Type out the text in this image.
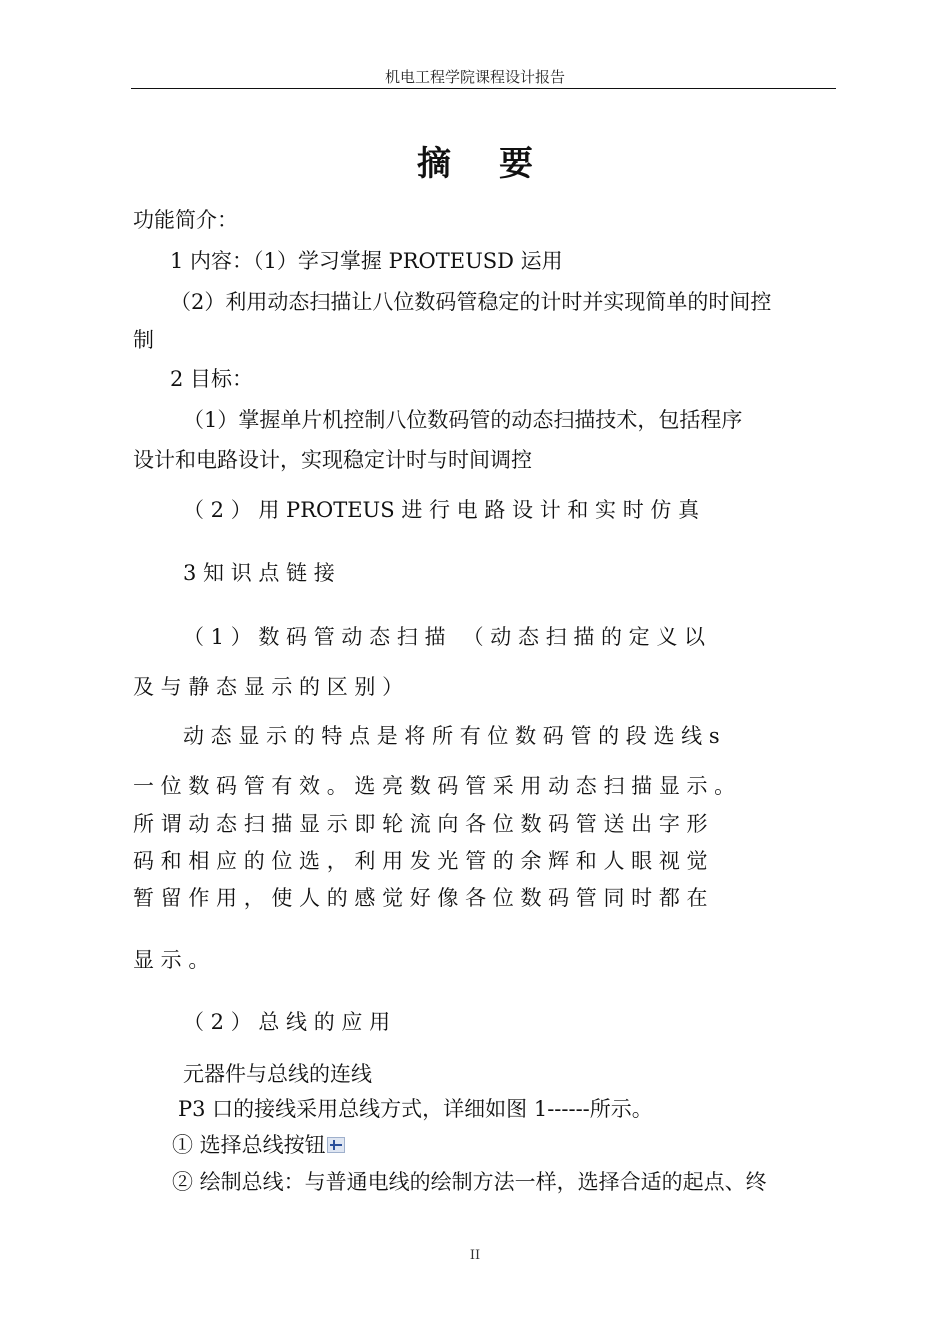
机电工程学院课程设计报告
摘要
功能简介：
1 内容：（1）学习掌握 PROTEUSD 运用
（2）利用动态扫描让八位数码管稳定的计时并实现简单的时间控
制
2 目标：
（1）掌握单片机控制八位数码管的动态扫描技术，包括程序
设计和电路设计，实现稳定计时与时间调控
（ 2 ） 用 PROTEUS 进 行 电 路 设 计 和 实 时 仿 真
3 知 识 点 链 接
（ 1 ） 数 码 管 动 态 扫 描 　（ 动 态 扫 描 的 定 义 以
及 与 静 态 显 示 的 区 别 ）
动 态 显 示 的 特 点 是 将 所 有 位 数 码 管 的 段 选 线 s
一 位 数 码 管 有 效 。 选 亮 数 码 管 采 用 动 态 扫 描 显 示 。
所 谓 动 态 扫 描 显 示 即 轮 流 向 各 位 数 码 管 送 出 字 形
码 和 相 应 的 位 选 ， 利 用 发 光 管 的 余 辉 和 人 眼 视 觉
暂 留 作 用 ， 使 人 的 感 觉 好 像 各 位 数 码 管 同 时 都 在
显 示 。
（ 2 ） 总 线 的 应 用
元器件与总线的连线
P3 口的接线采用总线方式，详细如图 1------所示。
① 选择总线按钮
② 绘制总线：与普通电线的绘制方法一样，选择合适的起点、终
II
